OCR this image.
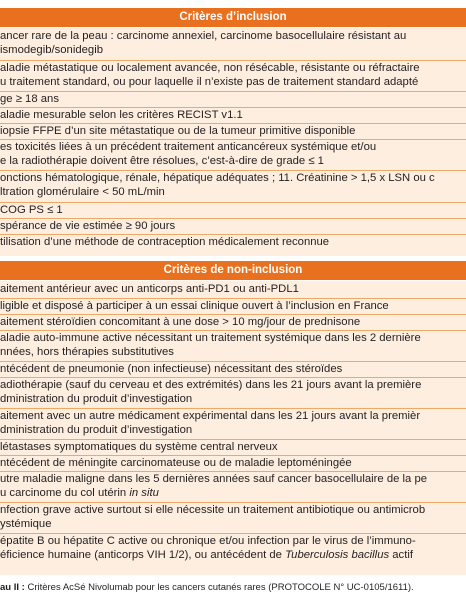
Critères d’inclusion
ancer rare de la peau : carcinome annexiel, carcinome basocellulaire résistant au
ismodegib/sonidegib
aladie métastatique ou localement avancée, non résécable, résistante ou réfractaire
u traitement standard, ou pour laquelle il n’existe pas de traitement standard adapté
ge ≥ 18 ans
aladie mesurable selon les critères RECIST v1.1
iopsie FFPE d’un site métastatique ou de la tumeur primitive disponible
es toxicités liées à un précédent traitement anticancéreux systémique et/ou
e la radiothérapie doivent être résolues, c’est-à-dire de grade ≤ 1
onctions hématologique, rénale, hépatique adéquates ; 11. Créatinine > 1,5 x LSN ou c
ltration glomérulaire < 50 mL/min
COG PS ≤ 1
spérance de vie estimée ≥ 90 jours
tilisation d’une méthode de contraception médicalement reconnue
Critères de non-inclusion
aitement antérieur avec un anticorps anti-PD1 ou anti-PDL1
ligible et disposé à participer à un essai clinique ouvert à l’inclusion en France
aitement stéroïdien concomitant à une dose > 10 mg/jour de prednisone
aladie auto-immune active nécessitant un traitement systémique dans les 2 dernière
nnées, hors thérapies substitutives
ntécédent de pneumonie (non infectieuse) nécessitant des stéroïdes
adiothérapie (sauf du cerveau et des extrémités) dans les 21 jours avant la première
dministration du produit d’investigation
aitement avec un autre médicament expérimental dans les 21 jours avant la premièr
dministration du produit d’investigation
létastases symptomatiques du système central nerveux
ntécédent de méningite carcinomateuse ou de maladie leptoméningée
utre maladie maligne dans les 5 dernières années sauf cancer basocellulaire de la pe
u carcinome du col utérin in situ
nfection grave active surtout si elle nécessite un traitement antibiotique ou antimicrob
ystémique
épatite B ou hépatite C active ou chronique et/ou infection par le virus de l’immuno-
éficience humaine (anticorps VIH 1/2), ou antécédent de Tuberculosis bacillus actif
au II : Critères AcSé Nivolumab pour les cancers cutanés rares (PROTOCOLE N° UC-0105/1611).
